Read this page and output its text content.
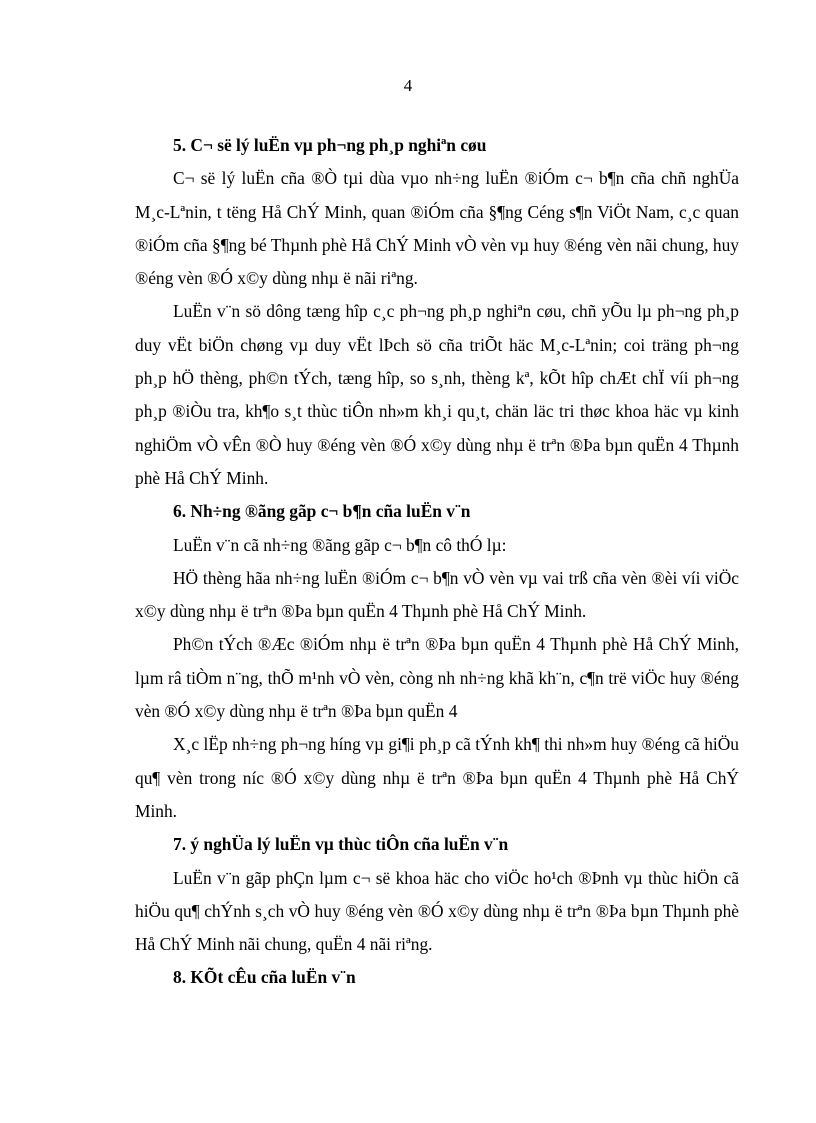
4

5. C¬ së lý luËn vµ ph¬ng ph¸p nghiªn cøu

C¬ së lý luËn cña ®Ò tµi dùa vµo nh÷ng luËn ®iÓm c¬ b¶n cña chñ nghÜa M¸c-Lªnin, t tëng Hå ChÝ Minh, quan ®iÓm cña §¶ng Céng s¶n ViÖt Nam, c¸c quan ®iÓm cña §¶ng bé Thµnh phè Hå ChÝ Minh vÒ vèn vµ huy ®éng vèn nãi chung, huy ®éng vèn ®Ó x©y dùng nhµ ë nãi riªng.

LuËn v¨n sö dông tæng hîp c¸c ph¬ng ph¸p nghiªn cøu, chñ yÕu lµ ph¬ng ph¸p duy vËt biÖn chøng vµ duy vËt lÞch sö cña triÕt häc M¸c-Lªnin; coi träng ph¬ng ph¸p hÖ thèng, ph©n tÝch, tæng hîp, so s¸nh, thèng kª, kÕt hîp chÆt chÏ víi ph¬ng ph¸p ®iÒu tra, kh¶o s¸t thùc tiÔn nh»m kh¸i qu¸t, chän läc tri thøc khoa häc vµ kinh nghiÖm vÒ vÊn ®Ò huy ®éng vèn ®Ó x©y dùng nhµ ë trªn ®Þa bµn quËn 4 Thµnh phè Hå ChÝ Minh.

6. Nh÷ng ®ãng gãp c¬ b¶n cña luËn v¨n

LuËn v¨n cã nh÷ng ®ãng gãp c¬ b¶n cô thÓ lµ:

HÖ thèng hãa nh÷ng luËn ®iÓm c¬ b¶n vÒ vèn vµ vai trß cña vèn ®èi víi viÖc x©y dùng nhµ ë trªn ®Þa bµn quËn 4 Thµnh phè Hå ChÝ Minh.

Ph©n tÝch ®Æc ®iÓm nhµ ë trªn ®Þa bµn quËn 4 Thµnh phè Hå ChÝ Minh, lµm râ tiÒm n¨ng, thÕ m¹nh vÒ vèn, còng nh nh÷ng khã kh¨n, c¶n trë viÖc huy ®éng vèn ®Ó x©y dùng nhµ ë trªn ®Þa bµn quËn 4

X¸c lËp nh÷ng ph¬ng híng vµ gi¶i ph¸p cã tÝnh kh¶ thi nh»m huy ®éng cã hiÖu qu¶ vèn trong níc ®Ó x©y dùng nhµ ë trªn ®Þa bµn quËn 4 Thµnh phè Hå ChÝ Minh.

7. ý nghÜa lý luËn vµ thùc tiÔn cña luËn v¨n

LuËn v¨n gãp phÇn lµm c¬ së khoa häc cho viÖc ho¹ch ®Þnh vµ thùc hiÖn cã hiÖu qu¶ chÝnh s¸ch vÒ huy ®éng vèn ®Ó x©y dùng nhµ ë trªn ®Þa bµn Thµnh phè Hå ChÝ Minh nãi chung, quËn 4 nãi riªng.

8. KÕt cÊu cña luËn v¨n
